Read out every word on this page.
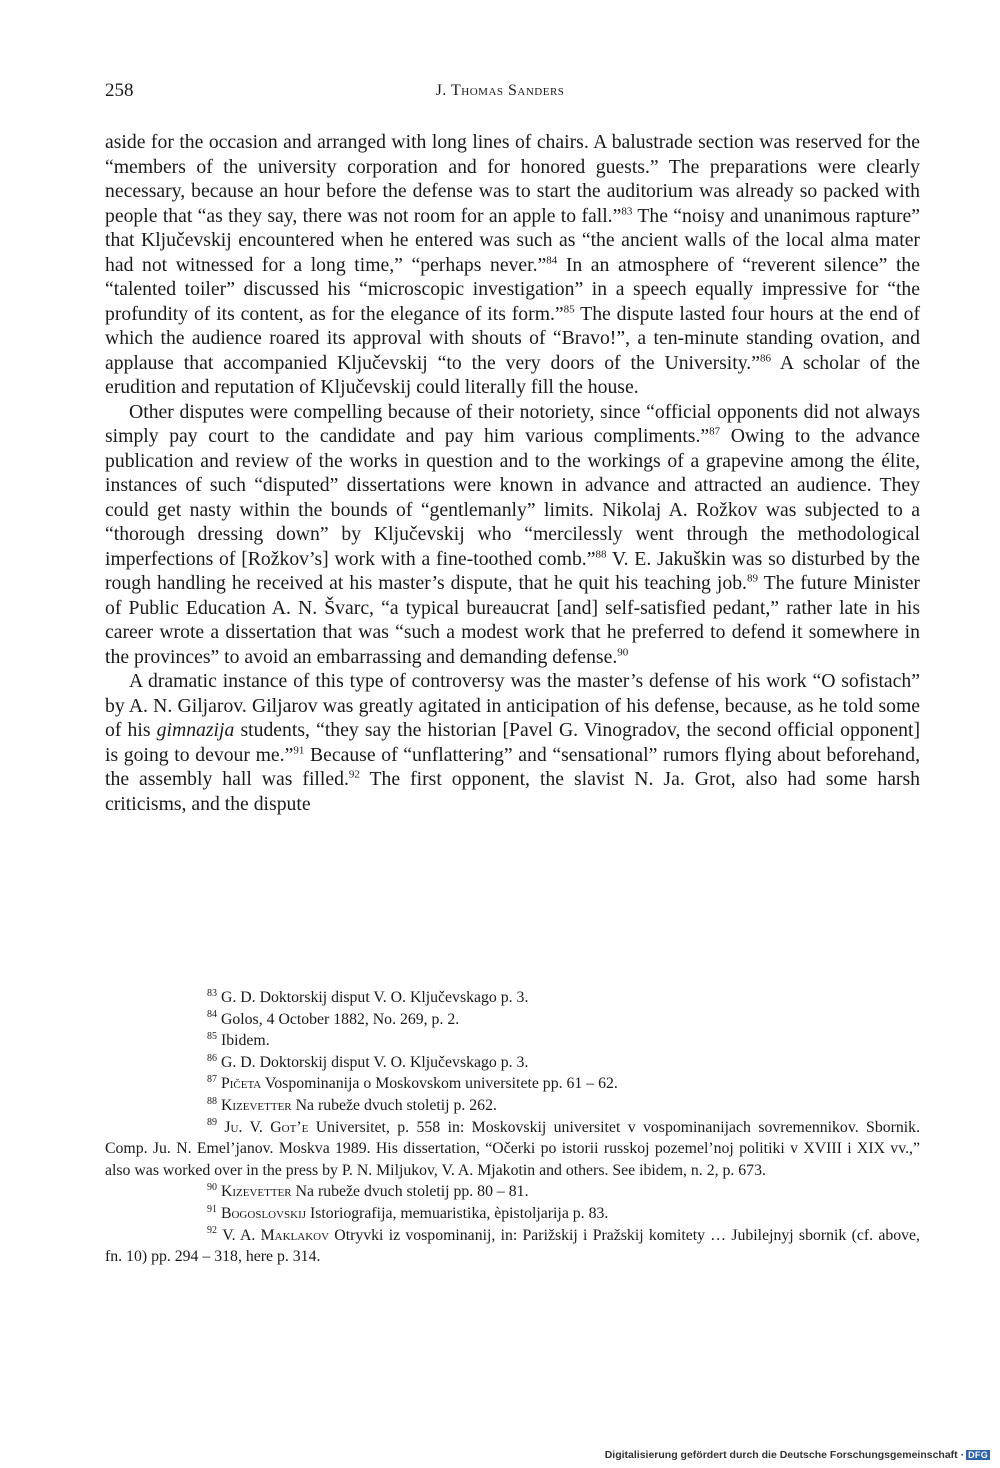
258	J. Thomas Sanders

aside for the occasion and arranged with long lines of chairs. A balustrade section was reserved for the “members of the university corporation and for honored guests.” The preparations were clearly necessary, because an hour before the defense was to start the auditorium was already so packed with people that “as they say, there was not room for an apple to fall.”$^{83}$ The “noisy and unanimous rapture” that Ključevskij encountered when he entered was such as “the ancient walls of the local alma mater had not witnessed for a long time,” “perhaps never.”$^{84}$ In an atmosphere of “reverent silence” the “talented toiler” discussed his “microscopic investigation” in a speech equally impressive for “the profundity of its content, as for the elegance of its form.”$^{85}$ The dispute lasted four hours at the end of which the audience roared its approval with shouts of “Bravo!”, a ten-minute standing ovation, and applause that accompanied Ključevskij “to the very doors of the University.”$^{86}$ A scholar of the erudition and reputation of Ključevskij could literally fill the house.

Other disputes were compelling because of their notoriety, since “official opponents did not always simply pay court to the candidate and pay him various compliments.”$^{87}$ Owing to the advance publication and review of the works in question and to the workings of a grapevine among the élite, instances of such “disputed” dissertations were known in advance and attracted an audience. They could get nasty within the bounds of “gentlemanly” limits. Nikolaj A. Rožkov was subjected to a “thorough dressing down” by Ključevskij who “mercilessly went through the methodological imperfections of [Rožkov’s] work with a fine-toothed comb.”$^{88}$ V. E. Jakuškin was so disturbed by the rough handling he received at his master’s dispute, that he quit his teaching job.$^{89}$ The future Minister of Public Education A. N. Švarc, “a typical bureaucrat [and] self-satisfied pedant,” rather late in his career wrote a dissertation that was “such a modest work that he preferred to defend it somewhere in the provinces” to avoid an embarrassing and demanding defense.$^{90}$

A dramatic instance of this type of controversy was the master’s defense of his work “O sofistach” by A. N. Giljarov. Giljarov was greatly agitated in anticipation of his defense, because, as he told some of his gimnazija students, “they say the historian [Pavel G. Vinogradov, the second official opponent] is going to devour me.”$^{91}$ Because of “unflattering” and “sensational” rumors flying about beforehand, the assembly hall was filled.$^{92}$ The first opponent, the slavist N. Ja. Grot, also had some harsh criticisms, and the dispute

$^{83}$ G. D. Doktorskij disput V. O. Ključevskago p. 3.

$^{84}$ Golos, 4 October 1882, No. 269, p. 2.

$^{85}$ Ibidem.

$^{86}$ G. D. Doktorskij disput V. O. Ključevskago p. 3.

$^{87}$ Pičeta Vospominanija o Moskovskom universitete pp. 61 – 62.

$^{88}$ Kizevetter Na rubeže dvuch stoletij p. 262.

$^{89}$ Ju. V. Got’e Universitet, p. 558 in: Moskovskij universitet v vospominanijach sovremennikov. Sbornik. Comp. Ju. N. Emel’janov. Moskva 1989. His dissertation, “Očerki po istorii russkoj pozemel’noj politiki v XVIII i XIX vv.,” also was worked over in the press by P. N. Miljukov, V. A. Mjakotin and others. See ibidem, n. 2, p. 673.

$^{90}$ Kizevetter Na rubeže dvuch stoletij pp. 80 – 81.

$^{91}$ Bogoslovskij Istoriografija, memuaristika, èpistoljarija p. 83.

$^{92}$ V. A. Maklakov Otryvki iz vospominanij, in: Parižskij i Pražskij komitety … Jubilejnyj sbornik (cf. above, fn. 10) pp. 294 – 318, here p. 314.

Digitalisierung gefördert durch die Deutsche Forschungsgemeinschaft · DFG
